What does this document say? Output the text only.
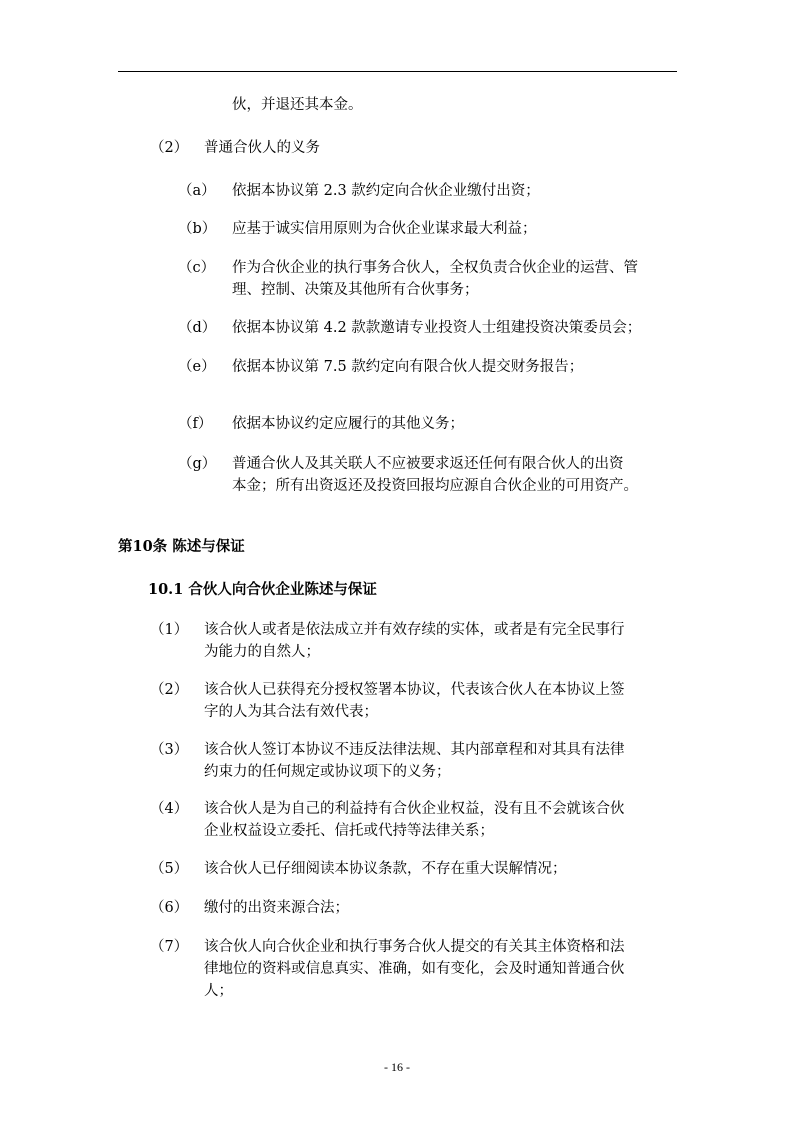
伙，并退还其本金。
（2） 普通合伙人的义务
（a） 依据本协议第 2.3 款约定向合伙企业缴付出资；
（b） 应基于诚实信用原则为合伙企业谋求最大利益；
（c） 作为合伙企业的执行事务合伙人，全权负责合伙企业的运营、管
理、控制、决策及其他所有合伙事务；
（d） 依据本协议第 4.2 款款邀请专业投资人士组建投资决策委员会；
（e） 依据本协议第 7.5 款约定向有限合伙人提交财务报告；
（f） 依据本协议约定应履行的其他义务；
（g） 普通合伙人及其关联人不应被要求返还任何有限合伙人的出资
本金；所有出资返还及投资回报均应源自合伙企业的可用资产。
第10条 陈述与保证
10.1 合伙人向合伙企业陈述与保证
（1） 该合伙人或者是依法成立并有效存续的实体，或者是有完全民事行
为能力的自然人；
（2） 该合伙人已获得充分授权签署本协议，代表该合伙人在本协议上签
字的人为其合法有效代表；
（3） 该合伙人签订本协议不违反法律法规、其内部章程和对其具有法律
约束力的任何规定或协议项下的义务；
（4） 该合伙人是为自己的利益持有合伙企业权益，没有且不会就该合伙
企业权益设立委托、信托或代持等法律关系；
（5） 该合伙人已仔细阅读本协议条款，不存在重大误解情况；
（6） 缴付的出资来源合法；
（7） 该合伙人向合伙企业和执行事务合伙人提交的有关其主体资格和法
律地位的资料或信息真实、准确，如有变化，会及时通知普通合伙
人；
- 16 -
